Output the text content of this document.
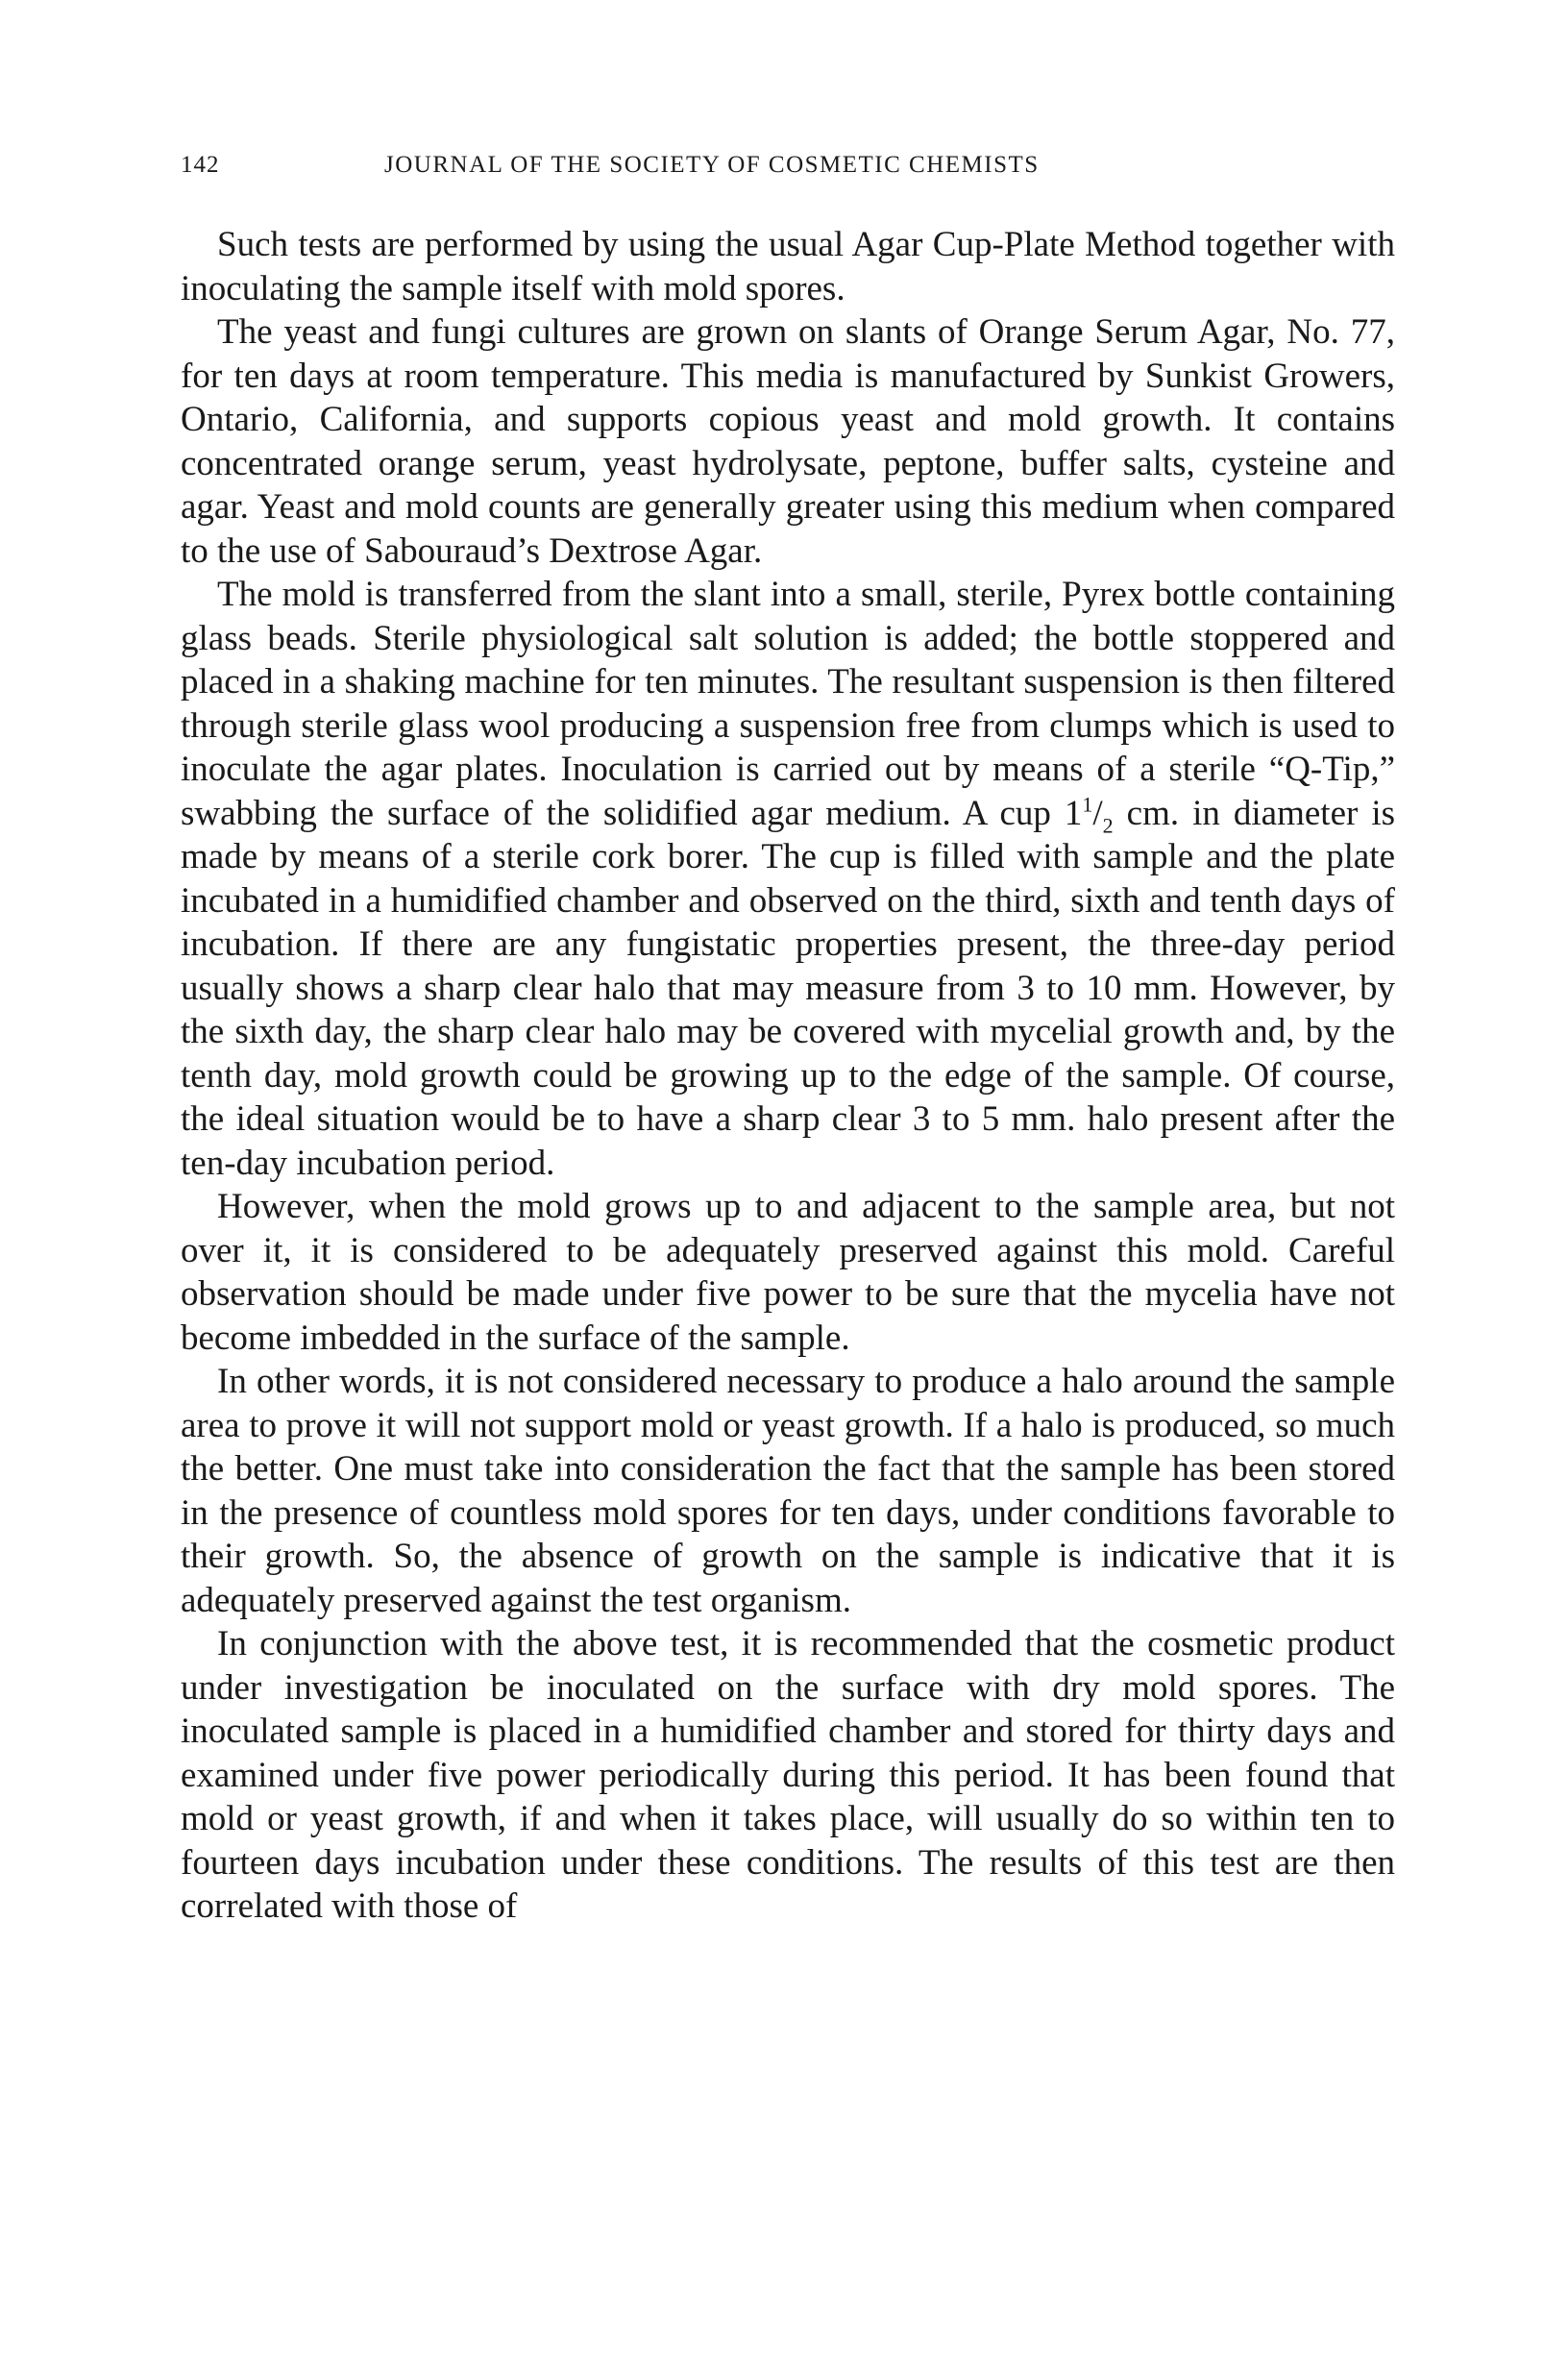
142	JOURNAL OF THE SOCIETY OF COSMETIC CHEMISTS

Such tests are performed by using the usual Agar Cup-Plate Method together with inoculating the sample itself with mold spores.

The yeast and fungi cultures are grown on slants of Orange Serum Agar, No. 77, for ten days at room temperature. This media is manufactured by Sunkist Growers, Ontario, California, and supports copious yeast and mold growth. It contains concentrated orange serum, yeast hydrolysate, peptone, buffer salts, cysteine and agar. Yeast and mold counts are generally greater using this medium when compared to the use of Sabouraud’s Dextrose Agar.

The mold is transferred from the slant into a small, sterile, Pyrex bottle containing glass beads. Sterile physiological salt solution is added; the bottle stoppered and placed in a shaking machine for ten minutes. The resultant suspension is then filtered through sterile glass wool producing a suspension free from clumps which is used to inoculate the agar plates. Inoculation is carried out by means of a sterile “Q-Tip,” swabbing the surface of the solidified agar medium. A cup $1^1/_2$ cm. in diameter is made by means of a sterile cork borer. The cup is filled with sample and the plate incubated in a humidified chamber and observed on the third, sixth and tenth days of incubation. If there are any fungistatic properties present, the three-day period usually shows a sharp clear halo that may measure from 3 to 10 mm. However, by the sixth day, the sharp clear halo may be covered with mycelial growth and, by the tenth day, mold growth could be growing up to the edge of the sample. Of course, the ideal situation would be to have a sharp clear 3 to 5 mm. halo present after the ten-day incubation period.

However, when the mold grows up to and adjacent to the sample area, but not over it, it is considered to be adequately preserved against this mold. Careful observation should be made under five power to be sure that the mycelia have not become imbedded in the surface of the sample.

In other words, it is not considered necessary to produce a halo around the sample area to prove it will not support mold or yeast growth. If a halo is produced, so much the better. One must take into consideration the fact that the sample has been stored in the presence of countless mold spores for ten days, under conditions favorable to their growth. So, the absence of growth on the sample is indicative that it is adequately preserved against the test organism.

In conjunction with the above test, it is recommended that the cosmetic product under investigation be inoculated on the surface with dry mold spores. The inoculated sample is placed in a humidified chamber and stored for thirty days and examined under five power periodically during this period. It has been found that mold or yeast growth, if and when it takes place, will usually do so within ten to fourteen days incubation under these conditions. The results of this test are then correlated with those of
